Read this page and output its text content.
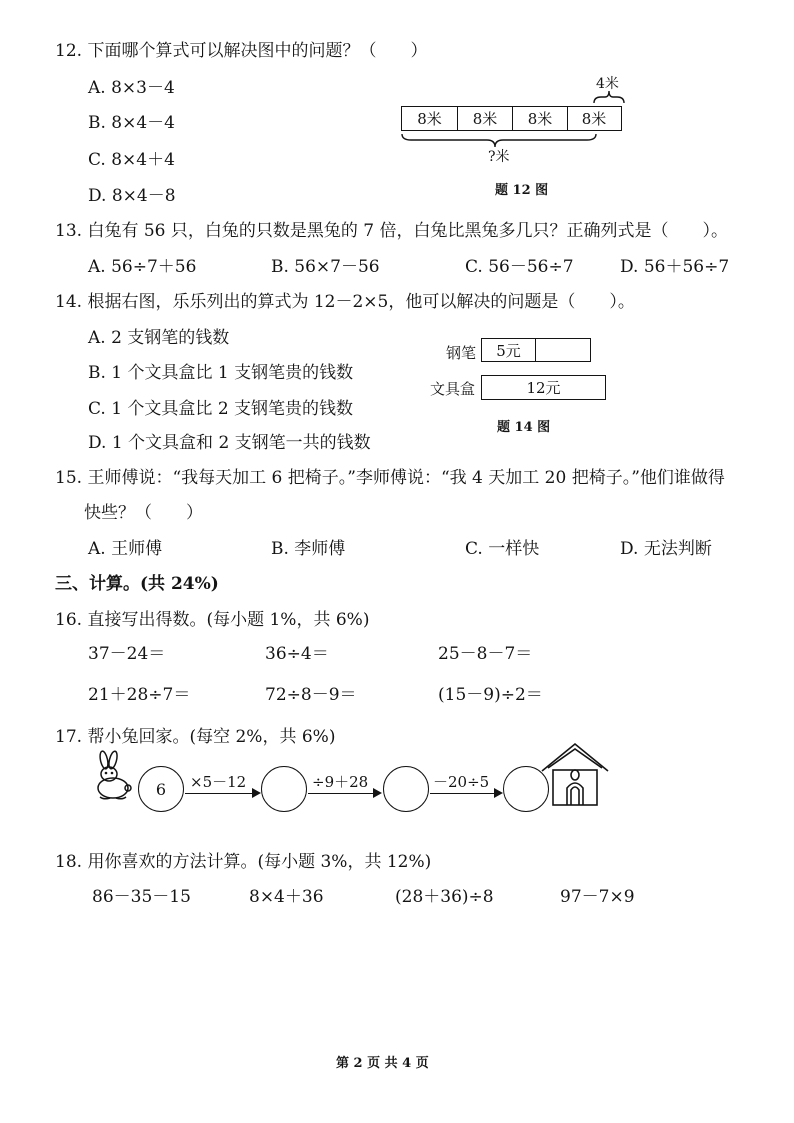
12. 下面哪个算式可以解决图中的问题？（　　）
A. 8×3－4
B. 8×4－4
C. 8×4＋4
D. 8×4－8
4米
8米	8米	8米	8米
?米
题 12 图
13. 白兔有 56 只，白兔的只数是黑兔的 7 倍，白兔比黑兔多几只？正确列式是（　　）。
A. 56÷7＋56	B. 56×7－56	C. 56－56÷7	D. 56＋56÷7
14. 根据右图，乐乐列出的算式为 12－2×5，他可以解决的问题是（　　）。
A. 2 支钢笔的钱数
B. 1 个文具盒比 1 支钢笔贵的钱数
C. 1 个文具盒比 2 支钢笔贵的钱数
D. 1 个文具盒和 2 支钢笔一共的钱数
钢笔	5元
文具盒	12元
题 14 图
15. 王师傅说：“我每天加工 6 把椅子。”李师傅说：“我 4 天加工 20 把椅子。”他们谁做得
快些？（　　）
A. 王师傅	B. 李师傅	C. 一样快	D. 无法判断
三、计算。(共 24%)
16. 直接写出得数。(每小题 1%，共 6%)
37－24＝	36÷4＝	25－8－7＝
21＋28÷7＝	72÷8－9＝	(15－9)÷2＝
17. 帮小兔回家。(每空 2%，共 6%)
6	×5－12	÷9＋28	－20÷5
18. 用你喜欢的方法计算。(每小题 3%，共 12%)
86－35－15	8×4＋36	(28＋36)÷8	97－7×9
第 2 页 共 4 页
